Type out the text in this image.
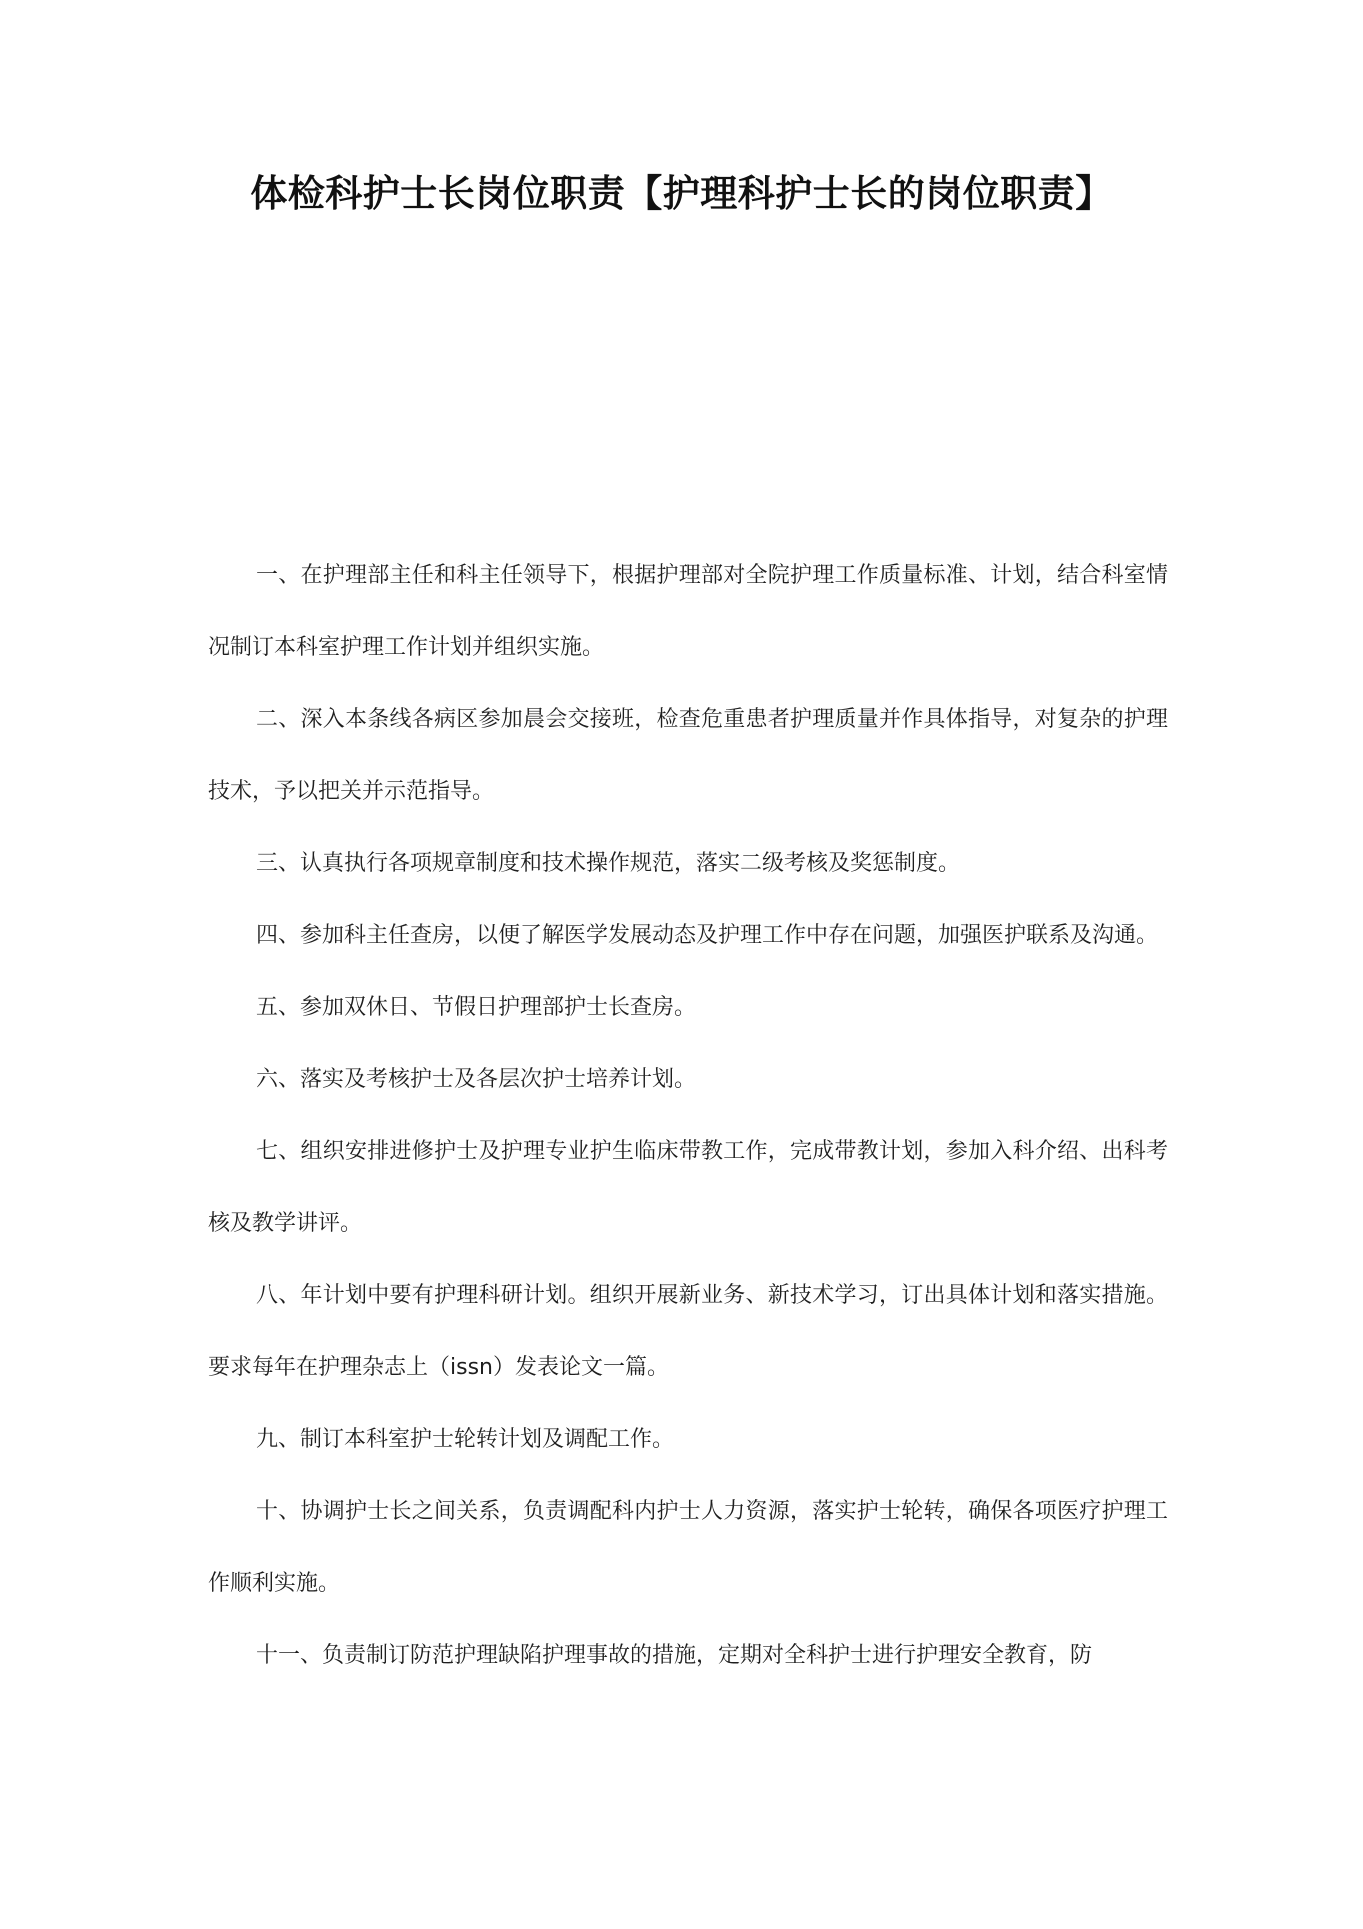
体检科护士长岗位职责【护理科护士长的岗位职责】

一、在护理部主任和科主任领导下，根据护理部对全院护理工作质量标准、计划，结合科室情况制订本科室护理工作计划并组织实施。

二、深入本条线各病区参加晨会交接班，检查危重患者护理质量并作具体指导，对复杂的护理技术，予以把关并示范指导。

三、认真执行各项规章制度和技术操作规范，落实二级考核及奖惩制度。

四、参加科主任查房，以便了解医学发展动态及护理工作中存在问题，加强医护联系及沟通。

五、参加双休日、节假日护理部护士长查房。

六、落实及考核护士及各层次护士培养计划。

七、组织安排进修护士及护理专业护生临床带教工作，完成带教计划，参加入科介绍、出科考核及教学讲评。

八、年计划中要有护理科研计划。组织开展新业务、新技术学习，订出具体计划和落实措施。要求每年在护理杂志上（issn）发表论文一篇。

九、制订本科室护士轮转计划及调配工作。

十、协调护士长之间关系，负责调配科内护士人力资源，落实护士轮转，确保各项医疗护理工作顺利实施。

十一、负责制订防范护理缺陷护理事故的措施，定期对全科护士进行护理安全教育，防
